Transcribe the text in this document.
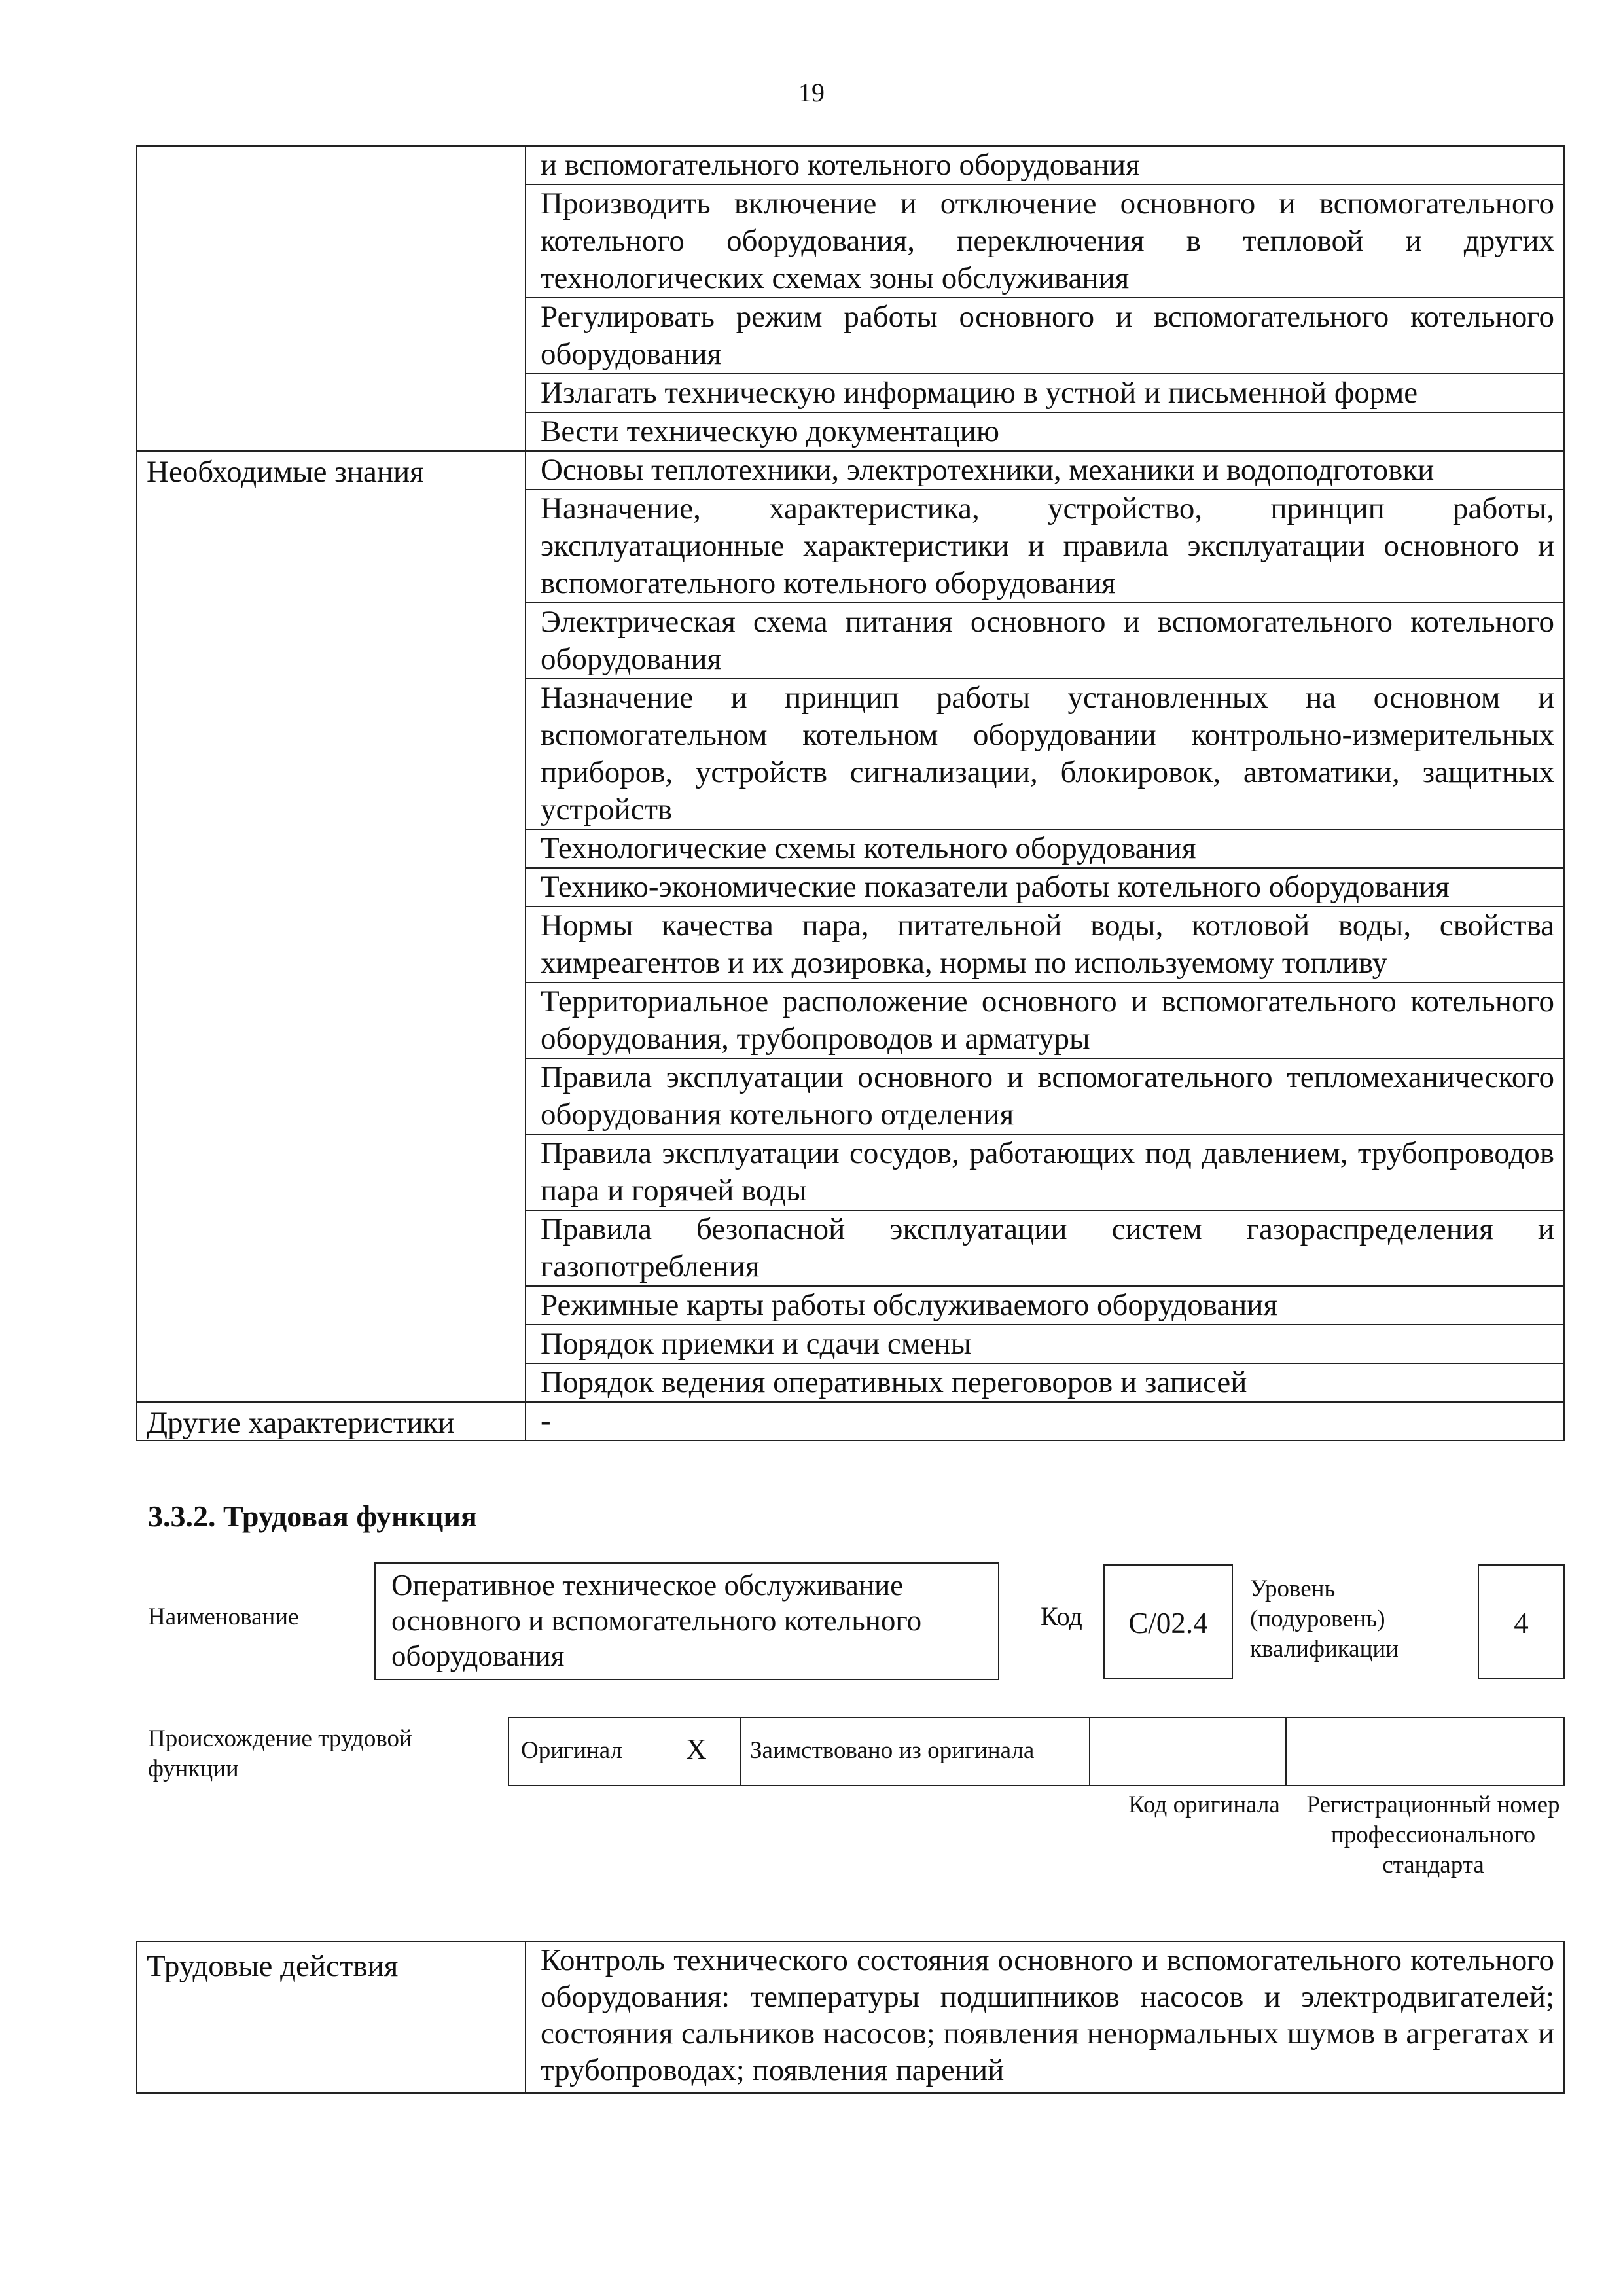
19
	и вспомогательного котельного оборудования
	Производить включение и отключение основного и вспомогательного котельного оборудования, переключения в тепловой и других технологических схемах зоны обслуживания
	Регулировать режим работы основного и вспомогательного котельного оборудования
	Излагать техническую информацию в устной и письменной форме
	Вести техническую документацию
Необходимые знания	Основы теплотехники, электротехники, механики и водоподготовки
	Назначение, характеристика, устройство, принцип работы, эксплуатационные характеристики и правила эксплуатации основного и вспомогательного котельного оборудования
	Электрическая схема питания основного и вспомогательного котельного оборудования
	Назначение и принцип работы установленных на основном и вспомогательном котельном оборудовании контрольно-измерительных приборов, устройств сигнализации, блокировок, автоматики, защитных устройств
	Технологические схемы котельного оборудования
	Технико-экономические показатели работы котельного оборудования
	Нормы качества пара, питательной воды, котловой воды, свойства химреагентов и их дозировка, нормы по используемому топливу
	Территориальное расположение основного и вспомогательного котельного оборудования, трубопроводов и арматуры
	Правила эксплуатации основного и вспомогательного тепломеханического оборудования котельного отделения
	Правила эксплуатации сосудов, работающих под давлением, трубопроводов пара и горячей воды
	Правила безопасной эксплуатации систем газораспределения и газопотребления
	Режимные карты работы обслуживаемого оборудования
	Порядок приемки и сдачи смены
	Порядок ведения оперативных переговоров и записей
Другие характеристики	-
3.3.2. Трудовая функция
Наименование
Оперативное техническое обслуживание основного и вспомогательного котельного оборудования
Код	C/02.4
Уровень (подуровень) квалификации
4
Происхождение трудовой функции
Оригинал X Заимствовано из оригинала
Код оригинала Регистрационный номер профессионального стандарта
Трудовые действия	Контроль технического состояния основного и вспомогательного котельного оборудования: температуры подшипников насосов и электродвигателей; состояния сальников насосов; появления ненормальных шумов в агрегатах и трубопроводах; появления парений
